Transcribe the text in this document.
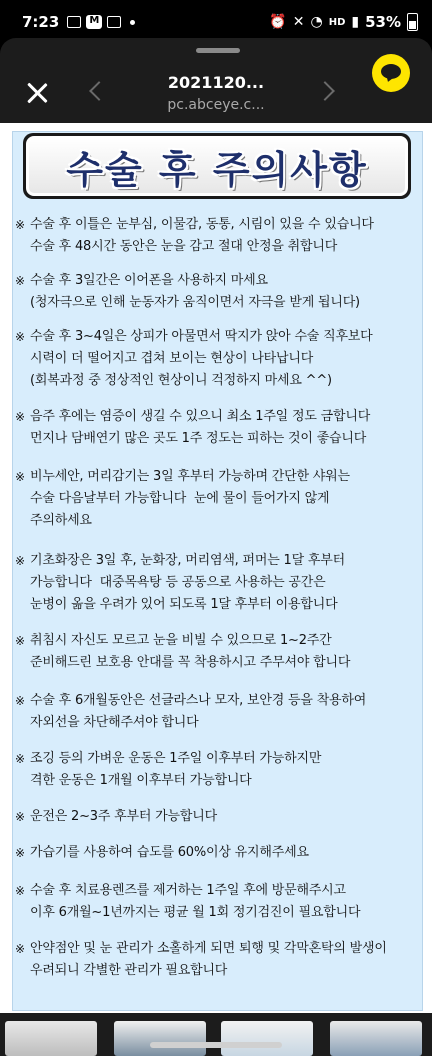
7:23
M	⏰ ✕ ◔ HD ▮ 53%
2021120...
pc.abceye.c...
수술 후 주의사항
※ 수술 후 이틀은 눈부심, 이물감, 동통, 시림이 있을 수 있습니다
수술 후 48시간 동안은 눈을 감고 절대 안정을 취합니다
※ 수술 후 3일간은 이어폰을 사용하지 마세요
(청자극으로 인해 눈동자가 움직이면서 자극을 받게 됩니다)
※ 수술 후 3~4일은 상피가 아물면서 딱지가 앉아 수술 직후보다
시력이 더 떨어지고 겹쳐 보이는 현상이 나타납니다
(회복과정 중 정상적인 현상이니 걱정하지 마세요 ^^)
※ 음주 후에는 염증이 생길 수 있으니 최소 1주일 정도 금합니다
먼지나 담배연기 많은 곳도 1주 정도는 피하는 것이 좋습니다
※ 비누세안, 머리감기는 3일 후부터 가능하며 간단한 샤워는
수술 다음날부터 가능합니다  눈에 물이 들어가지 않게
주의하세요
※ 기초화장은 3일 후, 눈화장, 머리염색, 퍼머는 1달 후부터
가능합니다  대중목욕탕 등 공동으로 사용하는 공간은
눈병이 옮을 우려가 있어 되도록 1달 후부터 이용합니다
※ 취침시 자신도 모르고 눈을 비빌 수 있으므로 1~2주간
준비해드린 보호용 안대를 꼭 착용하시고 주무셔야 합니다
※ 수술 후 6개월동안은 선글라스나 모자, 보안경 등을 착용하여
자외선을 차단해주셔야 합니다
※ 조깅 등의 가벼운 운동은 1주일 이후부터 가능하지만
격한 운동은 1개월 이후부터 가능합니다
※ 운전은 2~3주 후부터 가능합니다
※ 가습기를 사용하여 습도를 60%이상 유지해주세요
※ 수술 후 치료용렌즈를 제거하는 1주일 후에 방문해주시고
이후 6개월~1년까지는 평균 월 1회 정기검진이 필요합니다
※ 안약점안 및 눈 관리가 소홀하게 되면 퇴행 및 각막혼탁의 발생이
우려되니 각별한 관리가 필요합니다
